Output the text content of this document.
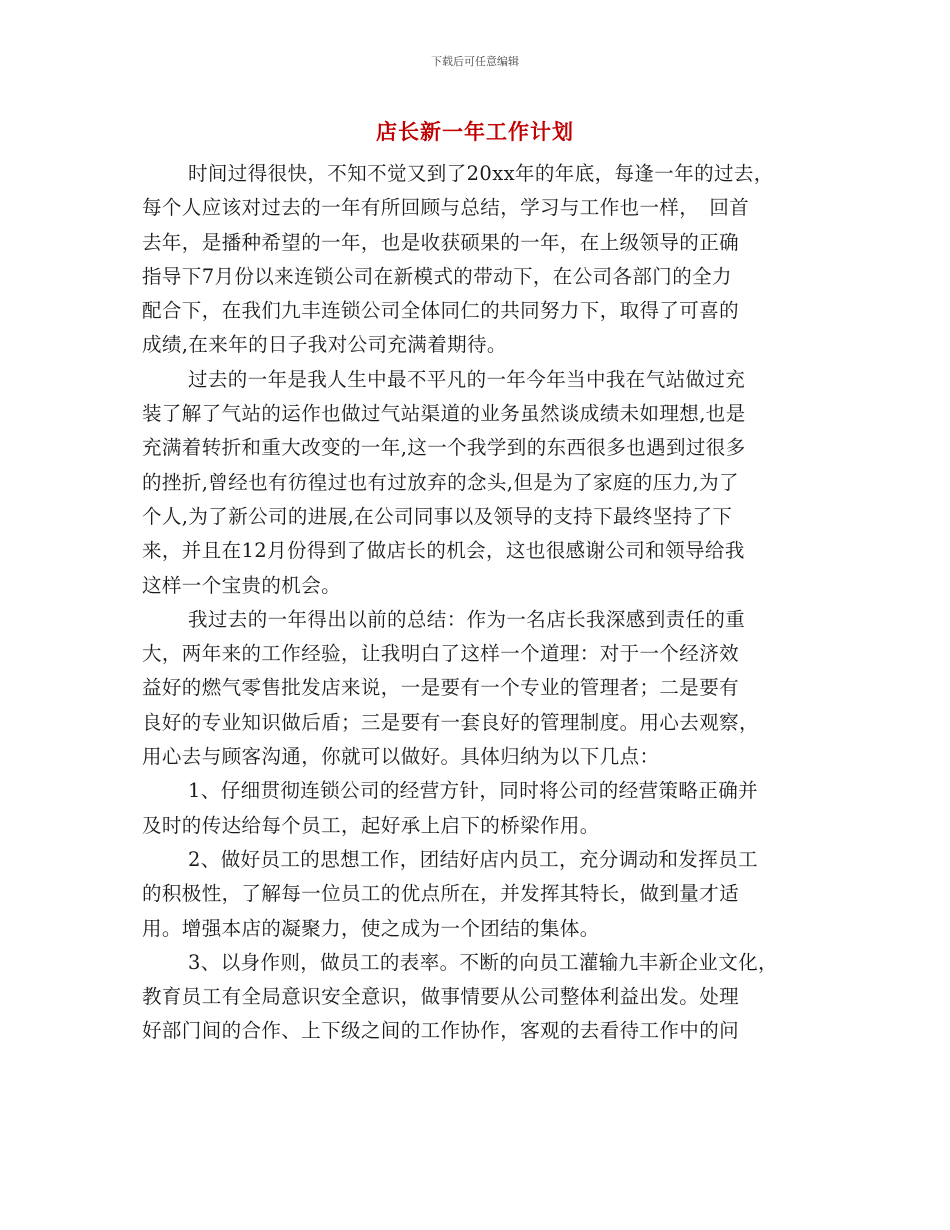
下载后可任意编辑
店长新一年工作计划
时间过得很快，不知不觉又到了20xx年的年底，每逢一年的过去，
每个人应该对过去的一年有所回顾与总结，学习与工作也一样，　回首
去年，是播种希望的一年，也是收获硕果的一年，在上级领导的正确
指导下7月份以来连锁公司在新模式的带动下，在公司各部门的全力
配合下，在我们九丰连锁公司全体同仁的共同努力下，取得了可喜的
成绩,在来年的日子我对公司充满着期待。
过去的一年是我人生中最不平凡的一年今年当中我在气站做过充
装了解了气站的运作也做过气站渠道的业务虽然谈成绩未如理想,也是
充满着转折和重大改变的一年,这一个我学到的东西很多也遇到过很多
的挫折,曾经也有彷徨过也有过放弃的念头,但是为了家庭的压力,为了
个人,为了新公司的进展,在公司同事以及领导的支持下最终坚持了下
来，并且在12月份得到了做店长的机会，这也很感谢公司和领导给我
这样一个宝贵的机会。
我过去的一年得出以前的总结：作为一名店长我深感到责任的重
大，两年来的工作经验，让我明白了这样一个道理：对于一个经济效
益好的燃气零售批发店来说，一是要有一个专业的管理者；二是要有
良好的专业知识做后盾；三是要有一套良好的管理制度。用心去观察，
用心去与顾客沟通，你就可以做好。具体归纳为以下几点：
1、仔细贯彻连锁公司的经营方针，同时将公司的经营策略正确并
及时的传达给每个员工，起好承上启下的桥梁作用。
2、做好员工的思想工作，团结好店内员工，充分调动和发挥员工
的积极性，了解每一位员工的优点所在，并发挥其特长，做到量才适
用。增强本店的凝聚力，使之成为一个团结的集体。
3、以身作则，做员工的表率。不断的向员工灌输九丰新企业文化，
教育员工有全局意识安全意识，做事情要从公司整体利益出发。处理
好部门间的合作、上下级之间的工作协作，客观的去看待工作中的问
